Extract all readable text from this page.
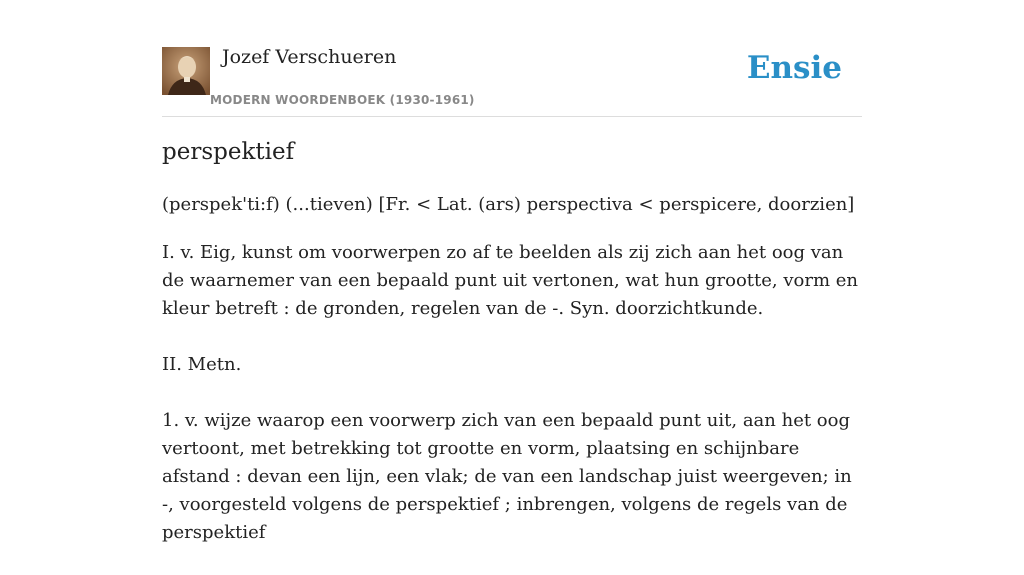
Jozef Verschueren
MODERN WOORDENBOEK (1930-1961)
Ensie
perspektief
(perspek'ti:f) (...tieven) [Fr. < Lat. (ars) perspectiva < perspicere, doorzien]

I. v. Eig, kunst om voorwerpen zo af te beelden als zij zich aan het oog van de waarnemer van een bepaald punt uit vertonen, wat hun grootte, vorm en kleur betreft : de gronden, regelen van de -. Syn. doorzichtkunde.

II. Metn.

1. v. wijze waarop een voorwerp zich van een bepaald punt uit, aan het oog vertoont, met betrekking tot grootte en vorm, plaatsing en schijnbare afstand : devan een lijn, een vlak; de van een landschap juist weergeven; in -, voorgesteld volgens de perspektief ; inbrengen, volgens de regels van de perspektief
